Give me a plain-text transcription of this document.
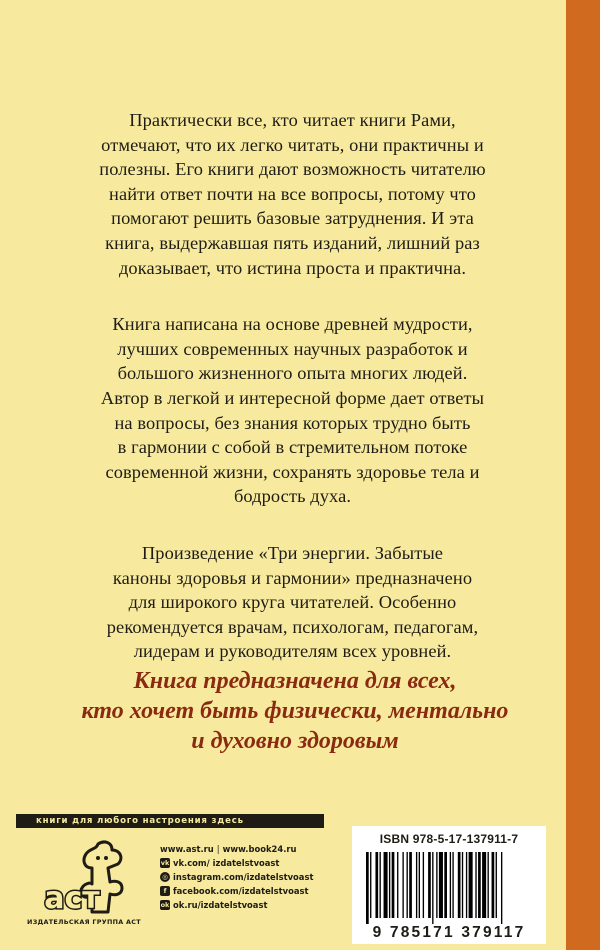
Практически все, кто читает книги Рами,
отмечают, что их легко читать, они практичны и
полезны. Его книги дают возможность читателю
найти ответ почти на все вопросы, потому что
помогают решить базовые затруднения. И эта
книга, выдержавшая пять изданий, лишний раз
доказывает, что истина проста и практична.

Книга написана на основе древней мудрости,
лучших современных научных разработок и
большого жизненного опыта многих людей.
Автор в легкой и интересной форме дает ответы
на вопросы, без знания которых трудно быть
в гармонии с собой в стремительном потоке
современной жизни, сохранять здоровье тела и
бодрость духа.

Произведение «Три энергии. Забытые
каноны здоровья и гармонии» предназначено
для широкого круга читателей. Особенно
рекомендуется врачам, психологам, педагогам,
лидерам и руководителям всех уровней.

Книга предназначена для всех,
кто хочет быть физически, ментально
и духовно здоровым
книги для любого настроения здесь
аст
ИЗДАТЕЛЬСКАЯ ГРУППА АСТ
www.ast.ru | www.book24.ru
vk vk.com/ izdatelstvoast
◎ instagram.com/izdatelstvoast
f facebook.com/izdatelstvoast
ok ok.ru/izdatelstvoast
ISBN 978-5-17-137911-7
9 785171 379117
